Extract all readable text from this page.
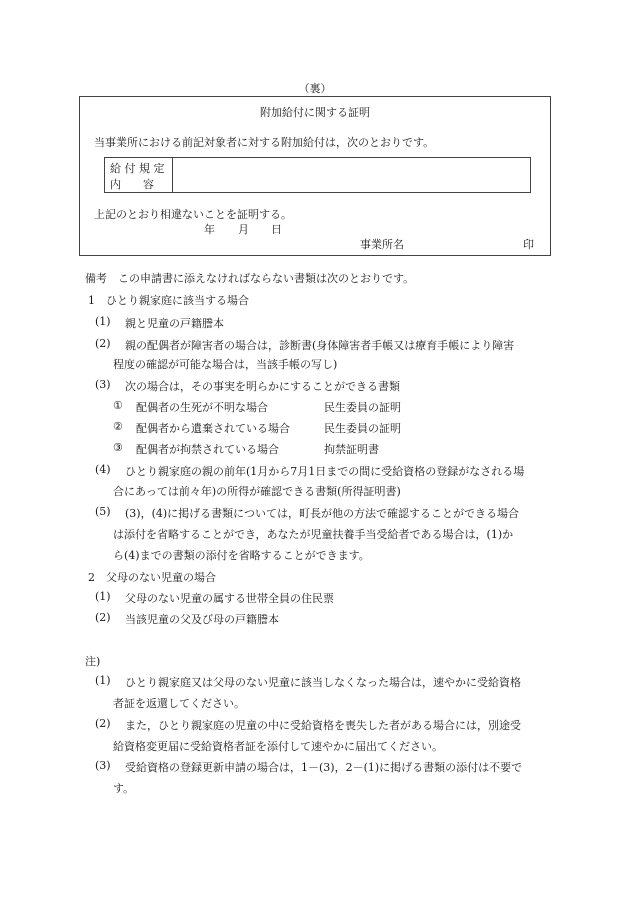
（裏）
附加給付に関する証明
当事業所における前記対象者に対する附加給付は，次のとおりです。
給 付 規 定
内　　容
上記のとおり相違ないことを証明する。
年 月 日
事業所名	印
備考　この申請書に添えなければならない書類は次のとおりです。
1　ひとり親家庭に該当する場合
(1) 親と児童の戸籍謄本
(2) 親の配偶者が障害者の場合は，診断書(身体障害者手帳又は療育手帳により障害
程度の確認が可能な場合は，当該手帳の写し)
(3) 次の場合は，その事実を明らかにすることができる書類
① 配偶者の生死が不明な場合	民生委員の証明
② 配偶者から遺棄されている場合	民生委員の証明
③ 配偶者が拘禁されている場合	拘禁証明書
(4) ひとり親家庭の親の前年(1月から7月1日までの間に受給資格の登録がなされる場
合にあっては前々年)の所得が確認できる書類(所得証明書)
(5) (3)，(4)に掲げる書類については，町長が他の方法で確認することができる場合
は添付を省略することができ，あなたが児童扶養手当受給者である場合は，(1)か
ら(4)までの書類の添付を省略することができます。
2　父母のない児童の場合
(1) 父母のない児童の属する世帯全員の住民票
(2) 当該児童の父及び母の戸籍謄本
注)
(1) ひとり親家庭又は父母のない児童に該当しなくなった場合は，速やかに受給資格
者証を返還してください。
(2) また，ひとり親家庭の児童の中に受給資格を喪失した者がある場合には，別途受
給資格変更届に受給資格者証を添付して速やかに届出てください。
(3) 受給資格の登録更新申請の場合は，1－(3)，2－(1)に掲げる書類の添付は不要で
す。
